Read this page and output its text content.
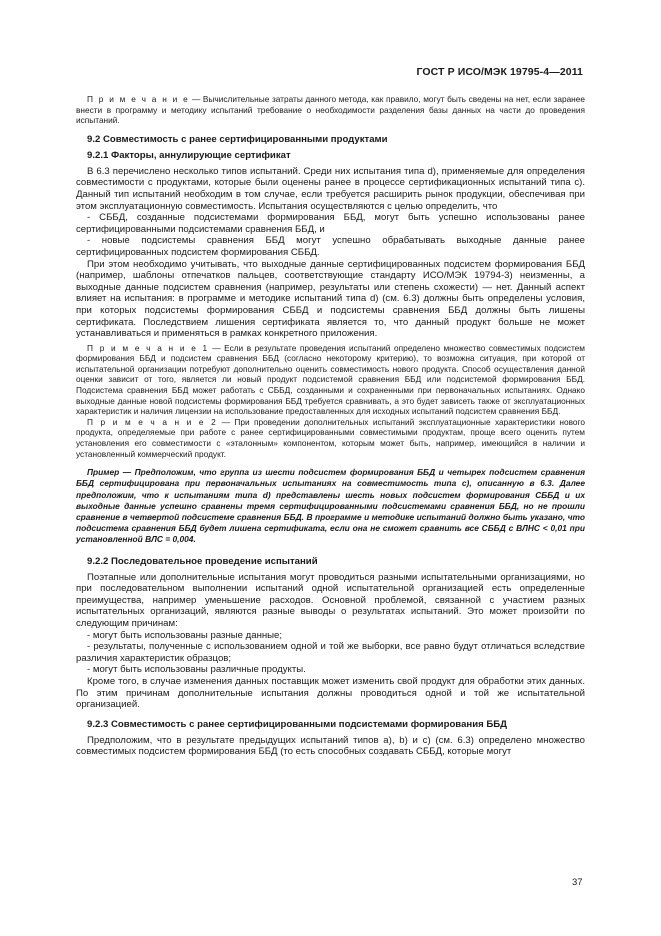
ГОСТ Р ИСО/МЭК 19795-4—2011

П р и м е ч а н и е — Вычислительные затраты данного метода, как правило, могут быть сведены на нет, если заранее внести в программу и методику испытаний требование о необходимости разделения базы данных на части до проведения испытаний.

9.2 Совместимость с ранее сертифицированными продуктами
9.2.1 Факторы, аннулирующие сертификат

В 6.3 перечислено несколько типов испытаний. Среди них испытания типа d), применяемые для определения совместимости с продуктами, которые были оценены ранее в процессе сертификационных испытаний типа c). Данный тип испытаний необходим в том случае, если требуется расширить рынок продукции, обеспечивая при этом эксплуатационную совместимость. Испытания осуществляются с целью определить, что

- СББД, созданные подсистемами формирования ББД, могут быть успешно использованы ранее сертифицированными подсистемами сравнения ББД, и

- новые подсистемы сравнения ББД могут успешно обрабатывать выходные данные ранее сертифицированных подсистем формирования СББД.

При этом необходимо учитывать, что выходные данные сертифицированных подсистем формирования ББД (например, шаблоны отпечатков пальцев, соответствующие стандарту ИСО/МЭК 19794-3) неизменны, а выходные данные подсистем сравнения (например, результаты или степень схожести) — нет. Данный аспект влияет на испытания: в программе и методике испытаний типа d) (см. 6.3) должны быть определены условия, при которых подсистемы формирования СББД и подсистемы сравнения ББД должны быть лишены сертификата. Последствием лишения сертификата является то, что данный продукт больше не может устанавливаться и применяться в рамках конкретного приложения.

П р и м е ч а н и е 1 — Если в результате проведения испытаний определено множество совместимых подсистем формирования ББД и подсистем сравнения ББД (согласно некоторому критерию), то возможна ситуация, при которой от испытательной организации потребуют дополнительно оценить совместимость нового продукта. Способ осуществления данной оценки зависит от того, является ли новый продукт подсистемой сравнения ББД или подсистемой формирования ББД. Подсистема сравнения ББД может работать с СББД, созданными и сохраненными при первоначальных испытаниях. Однако выходные данные новой подсистемы формирования ББД требуется сравнивать, а это будет зависеть также от эксплуатационных характеристик и наличия лицензии на использование предоставленных для исходных испытаний подсистем сравнения ББД.

П р и м е ч а н и е 2 — При проведении дополнительных испытаний эксплуатационные характеристики нового продукта, определяемые при работе с ранее сертифицированными совместимыми продуктам, проще всего оценить путем установления его совместимости с «эталонным» компонентом, которым может быть, например, имеющийся в наличии и установленный коммерческий продукт.

Пример — Предположим, что группа из шести подсистем формирования ББД и четырех подсистем сравнения ББД сертифицирована при первоначальных испытаниях на совместимость типа c), описанную в 6.3. Далее предположим, что к испытаниям типа d) представлены шесть новых подсистем формирования СББД и их выходные данные успешно сравнены тремя сертифицированными подсистемами сравнения ББД, но не прошли сравнение в четвертой подсистеме сравнения ББД. В программе и методике испытаний должно быть указано, что подсистема сравнения ББД будет лишена сертификата, если она не сможет сравнить все СББД с ВЛНС < 0,01 при установленной ВЛС = 0,004.

9.2.2 Последовательное проведение испытаний

Поэтапные или дополнительные испытания могут проводиться разными испытательными организациями, но при последовательном выполнении испытаний одной испытательной организацией есть определенные преимущества, например уменьшение расходов. Основной проблемой, связанной с участием разных испытательных организаций, являются разные выводы о результатах испытаний. Это может произойти по следующим причинам:

- могут быть использованы разные данные;

- результаты, полученные с использованием одной и той же выборки, все равно будут отличаться вследствие различия характеристик образцов;

- могут быть использованы различные продукты.

Кроме того, в случае изменения данных поставщик может изменить свой продукт для обработки этих данных. По этим причинам дополнительные испытания должны проводиться одной и той же испытательной организацией.

9.2.3 Совместимость с ранее сертифицированными подсистемами формирования ББД

Предположим, что в результате предыдущих испытаний типов a), b) и c) (см. 6.3) определено множество совместимых подсистем формирования ББД (то есть способных создавать СББД, которые могут

37
